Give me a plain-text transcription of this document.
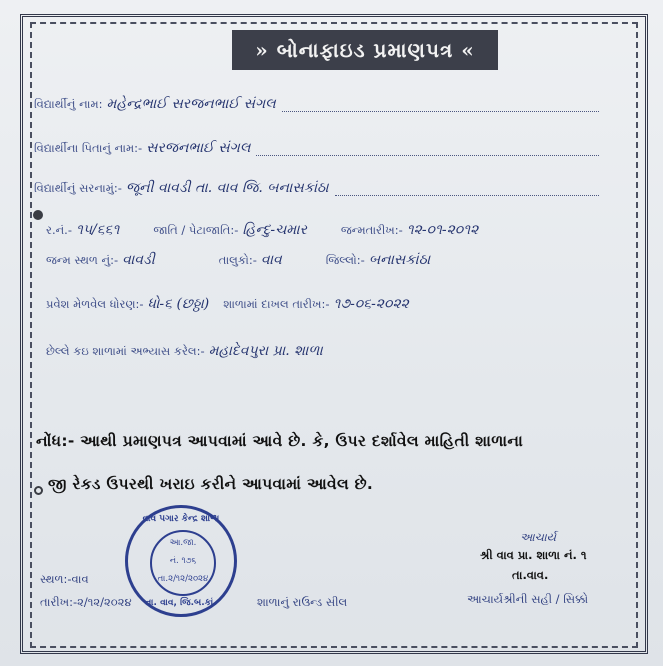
» બોનાફાઇડ પ્રમાણપત્ર «
વિદ્યાર્થીનું નામ: મહેન્દ્રભાઈ સરજનભાઈ સંગલ
વિદ્યાર્થીના પિતાનું નામ:- સરજનભાઈ સંગલ
વિદ્યાર્થીનું સરનામું:- જૂની વાવડી તા. વાવ જિ. બનાસકાંઠા
ર.નં.- ૧૫/૬૬૧	જાતિ / પેટાજાતિ:- હિન્દુ-ચમાર	જન્મતારીખ:- ૧૨-૦૧-૨૦૧૨
જન્મ સ્થળ નું:- વાવડી	તાલુકો:- વાવ	જિલ્લો:- બનાસકાંઠા
પ્રવેશ મેળવેલ ધોરણ:- ધો-૬ (છઠ્ઠા)	શાળામાં દાખલ તારીખ:- ૧૭-૦૬-૨૦૨૨
છેલ્લે કઇ શાળામાં અભ્યાસ કરેલ:- મહાદેવપુરા પ્રા. શાળા
નોંધ:- આથી પ્રમાણપત્ર આપવામાં આવે છે. કે, ઉપર દર્શાવેલ માહિતી શાળાના
જી રેકડ ઉપરથી ખરાઇ કરીને આપવામાં આવેલ છે.
સ્થળ:-વાવ
તારીખ:-૨/૧૨/૨૦૨૪
વાવ પગાર કેન્દ્ર શાળા
આ.જા.
નં. ૧૭૬
તા.૨/૧૨/૨૦૨૪
તા. વાવ, જિ.બ.કાં.	શાળાનું રાઉન્ડ સીલ
આચાર્ય
શ્રી વાવ પ્રા. શાળા નં. ૧
તા.વાવ.
આચાર્યશ્રીની સહી / સિક્કો
